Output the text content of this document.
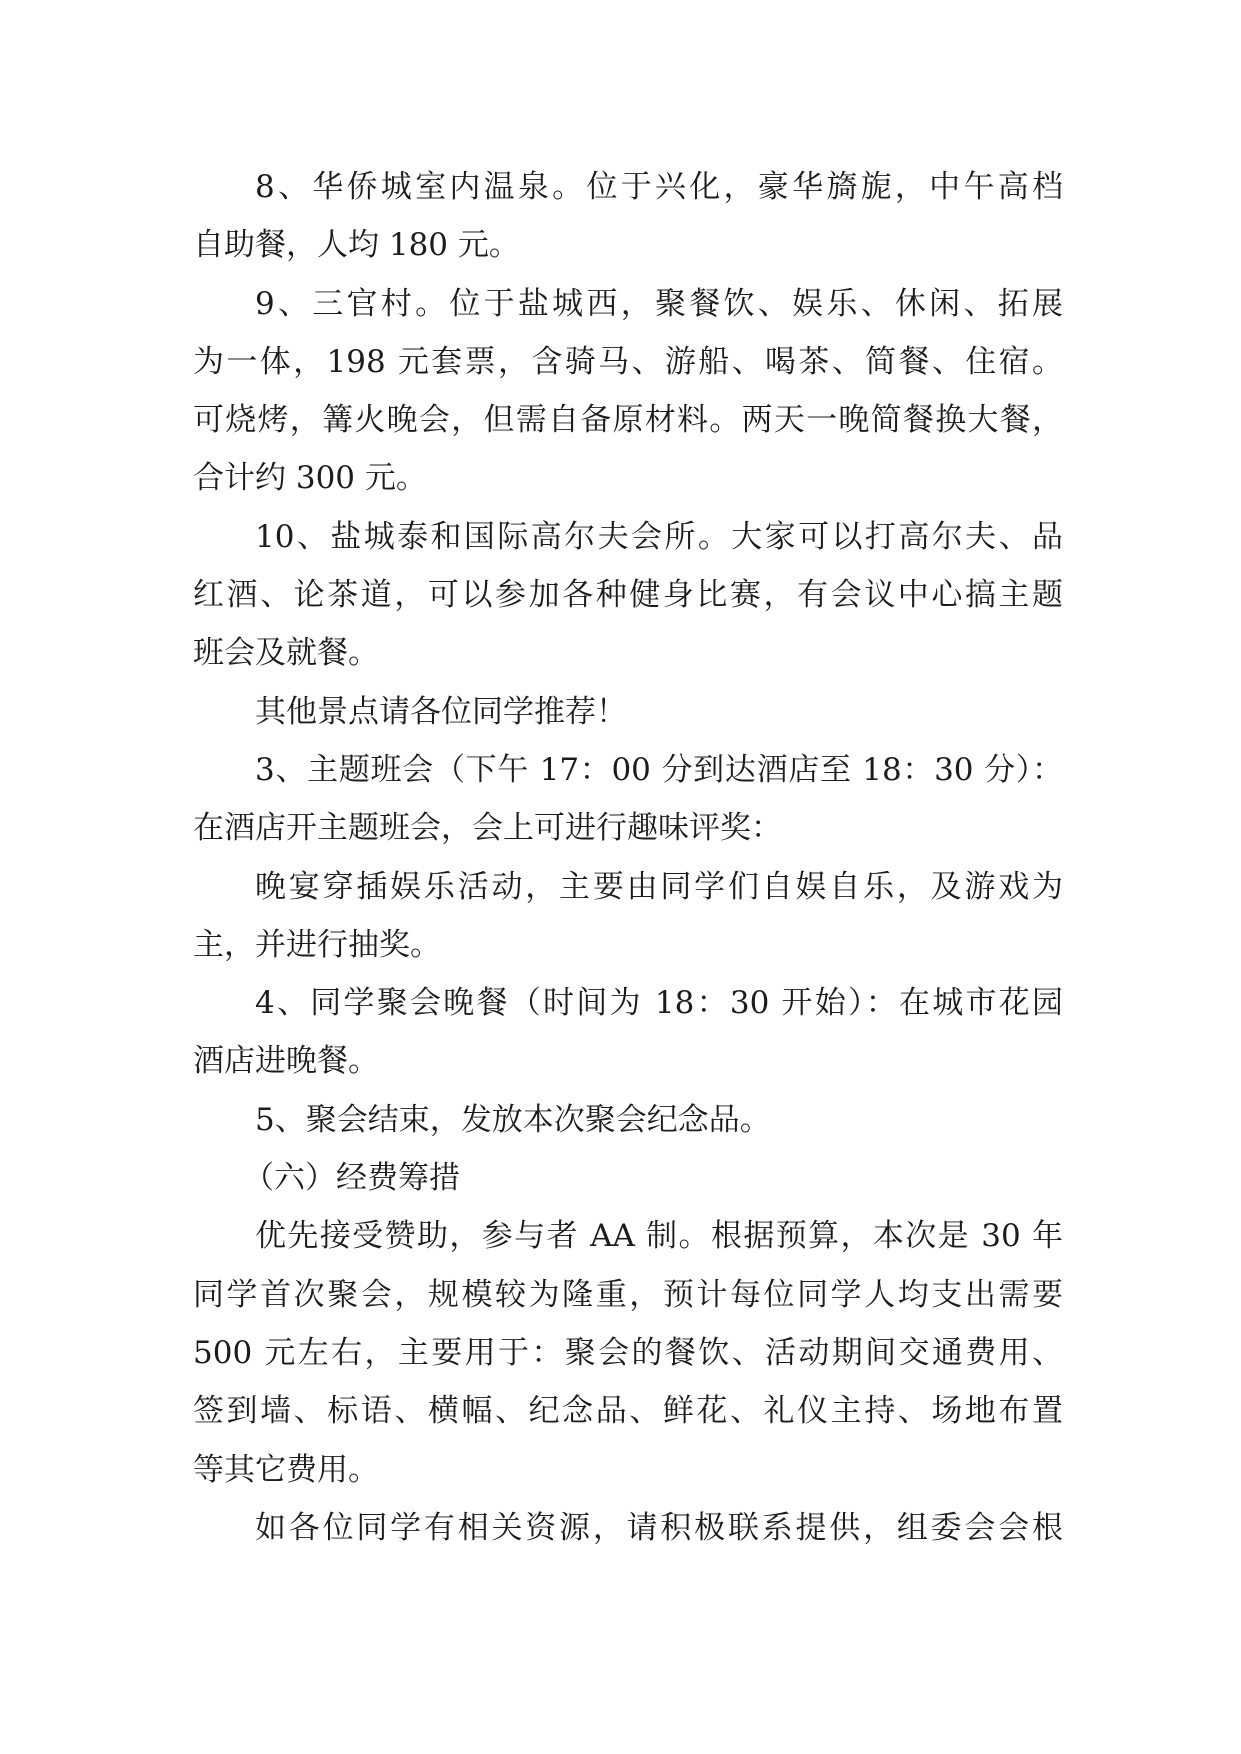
8、华侨城室内温泉。位于兴化，豪华旖旎，中午高档
自助餐，人均 180 元。
9、三官村。位于盐城西，聚餐饮、娱乐、休闲、拓展
为一体，198 元套票，含骑马、游船、喝茶、简餐、住宿。
可烧烤，篝火晚会，但需自备原材料。两天一晚简餐换大餐，
合计约 300 元。
10、盐城泰和国际高尔夫会所。大家可以打高尔夫、品
红酒、论茶道，可以参加各种健身比赛，有会议中心搞主题
班会及就餐。
其他景点请各位同学推荐！
3、主题班会（下午 17：00 分到达酒店至 18：30 分）：
在酒店开主题班会，会上可进行趣味评奖：
晚宴穿插娱乐活动，主要由同学们自娱自乐，及游戏为
主，并进行抽奖。
4、同学聚会晚餐（时间为 18：30 开始）：在城市花园
酒店进晚餐。
5、聚会结束，发放本次聚会纪念品。
（六）经费筹措
优先接受赞助，参与者 AA 制。根据预算，本次是 30 年
同学首次聚会，规模较为隆重，预计每位同学人均支出需要
500 元左右，主要用于：聚会的餐饮、活动期间交通费用、
签到墙、标语、横幅、纪念品、鲜花、礼仪主持、场地布置
等其它费用。
如各位同学有相关资源，请积极联系提供，组委会会根
